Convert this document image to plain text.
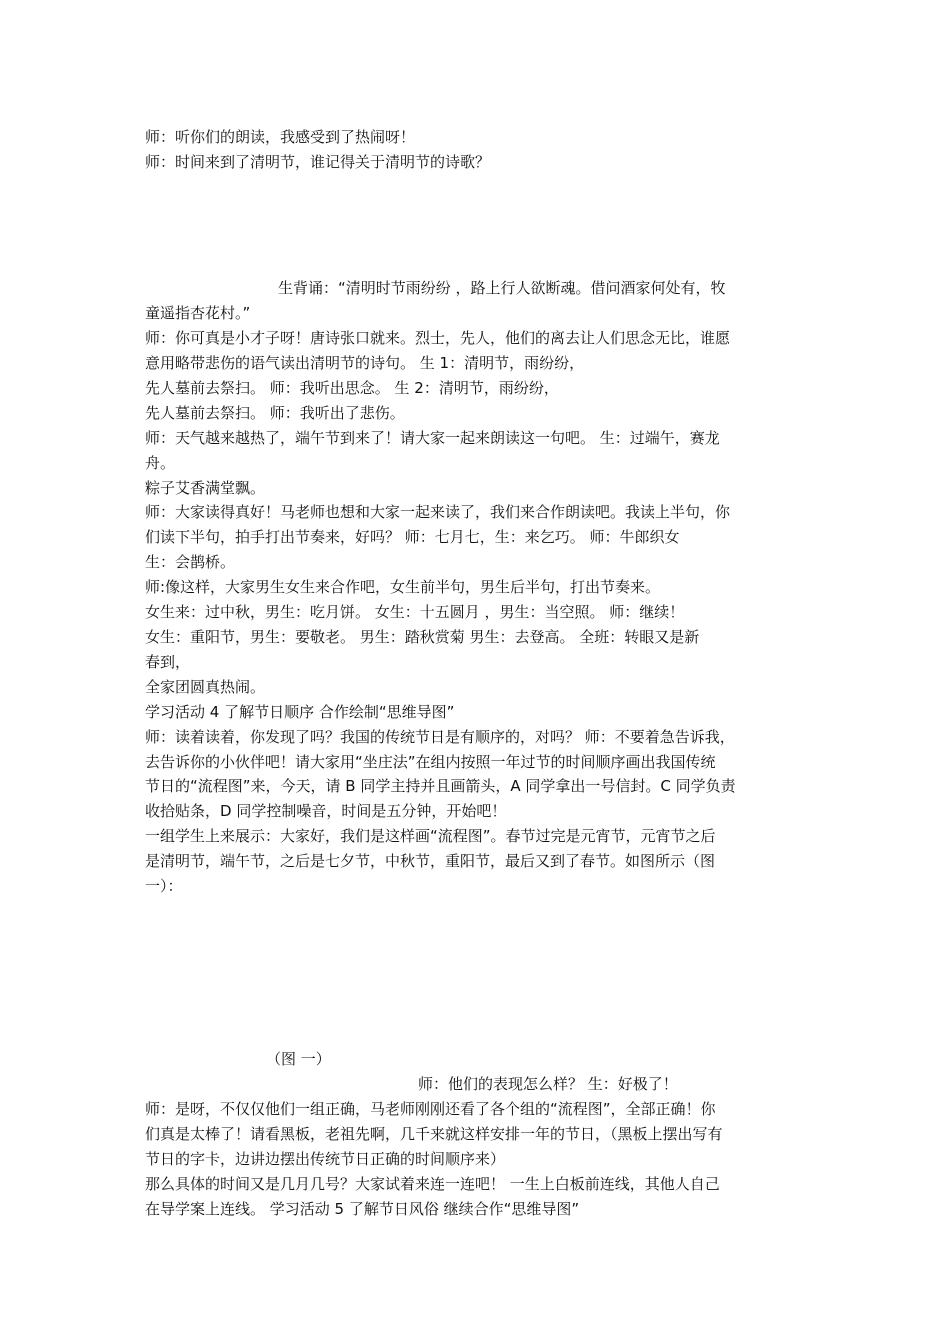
师：听你们的朗读，我感受到了热闹呀！
师：时间来到了清明节，谁记得关于清明节的诗歌？
生背诵：“清明时节雨纷纷 ，路上行人欲断魂。借问酒家何处有，牧
童遥指杏花村。”
师：你可真是小才子呀！唐诗张口就来。烈士，先人，他们的离去让人们思念无比，谁愿
意用略带悲伤的语气读出清明节的诗句。 生 1：清明节，雨纷纷，
先人墓前去祭扫。 师：我听出思念。 生 2：清明节，雨纷纷，
先人墓前去祭扫。 师：我听出了悲伤。
师：天气越来越热了，端午节到来了！请大家一起来朗读这一句吧。 生：过端午，赛龙
舟。
粽子艾香满堂飘。
师：大家读得真好！马老师也想和大家一起来读了，我们来合作朗读吧。我读上半句，你
们读下半句，拍手打出节奏来，好吗？ 师：七月七，生：来乞巧。 师：牛郎织女
生：会鹊桥。
师:像这样，大家男生女生来合作吧，女生前半句，男生后半句，打出节奏来。
女生来：过中秋，男生：吃月饼。 女生：十五圆月 ，男生：当空照。 师：继续！
女生：重阳节，男生：要敬老。 男生：踏秋赏菊 男生：去登高。 全班：转眼又是新
春到，
全家团圆真热闹。
学习活动 4 了解节日顺序 合作绘制“思维导图”
师：读着读着，你发现了吗？我国的传统节日是有顺序的，对吗？ 师：不要着急告诉我，
去告诉你的小伙伴吧！请大家用“坐庄法”在组内按照一年过节的时间顺序画出我国传统
节日的“流程图”来，今天，请 B 同学主持并且画箭头，A 同学拿出一号信封。C 同学负责
收拾贴条，D 同学控制噪音，时间是五分钟，开始吧！
一组学生上来展示：大家好，我们是这样画“流程图”。春节过完是元宵节，元宵节之后
是清明节，端午节，之后是七夕节，中秋节，重阳节，最后又到了春节。如图所示（图
一）：
（图 一）
师：他们的表现怎么样？ 生：好极了！
师：是呀，不仅仅他们一组正确，马老师刚刚还看了各个组的“流程图”，全部正确！你
们真是太棒了！请看黑板，老祖先啊，几千来就这样安排一年的节日，（黑板上摆出写有
节日的字卡，边讲边摆出传统节日正确的时间顺序来）
那么具体的时间又是几月几号？大家试着来连一连吧！ 一生上白板前连线，其他人自己
在导学案上连线。 学习活动 5 了解节日风俗 继续合作“思维导图”
